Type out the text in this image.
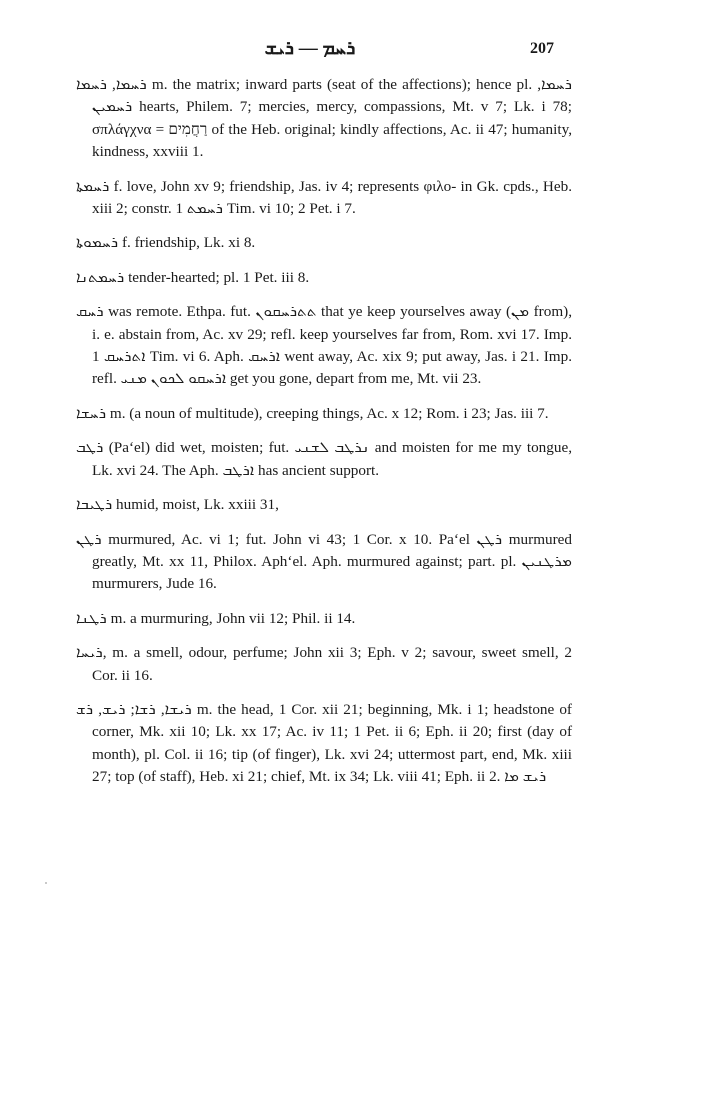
ܪܚܡ — ܪܝܫ	207

ܪܚܡܐ, ܪܚܡܐ m. the matrix; inward parts (seat of the affections); hence pl. ܪܚܡܐ, ܪܚܡܝܢ hearts, Philem. 7; mercies, mercy, compassions, Mt. v 7; Lk. i 78; σπλάγχνα = רַחֲמִים of the Heb. original; kindly affections, Ac. ii 47; humanity, kindness, xxviii 1.

ܪܚܡܬܐ f. love, John xv 9; friendship, Jas. iv 4; represents φιλο- in Gk. cpds., Heb. xiii 2; constr. ܪܚܡܬ 1 Tim. vi 10; 2 Pet. i 7.

ܪܚܡܘܬܐ f. friendship, Lk. xi 8.

ܪܚܡܬܢܐ tender-hearted; pl. 1 Pet. iii 8.

ܪܚܩ was remote. Ethpa. fut. ܬܬܪܚܩܘܢ that ye keep yourselves away (ܡܢ from), i. e. abstain from, Ac. xv 29; refl. keep yourselves far from, Rom. xvi 17. Imp. ܐܬܪܚܩ 1 Tim. vi 6. Aph. ܐܪܚܩ went away, Ac. xix 9; put away, Jas. i 21. Imp. refl. ܐܪܚܩܘ ܠܟܘܢ ܡܢܝ get you gone, depart from me, Mt. vii 23.

ܪܚܫܐ m. (a noun of multitude), creeping things, Ac. x 12; Rom. i 23; Jas. iii 7.

ܪܛܒ (Pa‘el) did wet, moisten; fut. ܢܪܛܒ ܠܫܢܝ and moisten for me my tongue, Lk. xvi 24. The Aph. ܐܪܛܒ has ancient support.

ܪܛܝܒܐ humid, moist, Lk. xxiii 31,

ܪܛܢ murmured, Ac. vi 1; fut. John vi 43; 1 Cor. x 10. Pa‘el ܪܛܢ murmured greatly, Mt. xx 11, Philox. Aph‘el. Aph. murmured against; part. pl. ܡܪܛܢܝܢ murmurers, Jude 16.

ܪܛܢܐ m. a murmuring, John vii 12; Phil. ii 14.

ܪܝܚܐ, m. a smell, odour, perfume; John xii 3; Eph. v 2; savour, sweet smell, 2 Cor. ii 16.

ܪܝܫܐ, ܪܫܐ; ܪܝܫ, ܪܫ m. the head, 1 Cor. xii 21; beginning, Mk. i 1; headstone of corner, Mk. xii 10; Lk. xx 17; Ac. iv 11; 1 Pet. ii 6; Eph. ii 20; first (day of month), pl. Col. ii 16; tip (of finger), Lk. xvi 24; uttermost part, end, Mk. xiii 27; top (of staff), Heb. xi 21; chief, Mt. ix 34; Lk. viii 41; Eph. ii 2. ܪܝܫ ܡܐ
